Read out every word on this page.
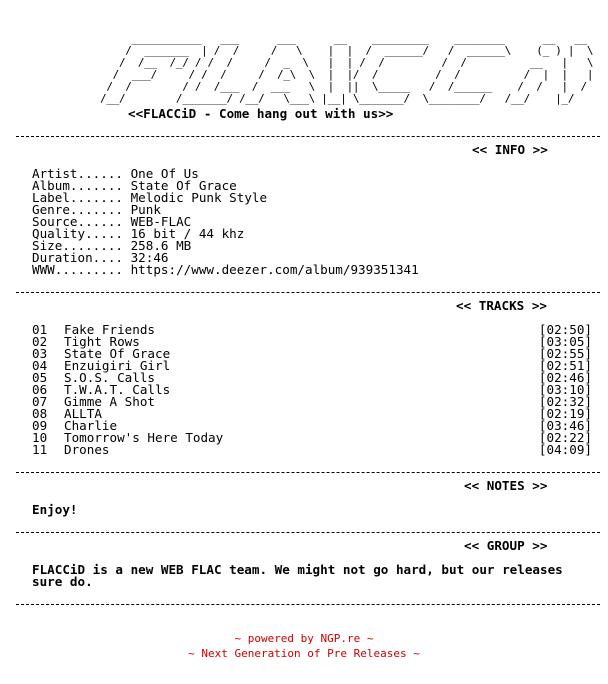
___________   ___      ___      __    _________    ________      __   __
/  _______  | /  /     /   \    |  |  /  ______/   /  ______\    (_ ) |  \
/  /__  /_/ / /  /     /  _  \   |  | /  /         /  /          __   |   \
/  ___/     / /  /     /  /_\  \  |  |/  /         /  /          /  |  |   |
/  /        / /  /___  /  ___   \  |  ||  \_____   /  /______    /  /   |  /
/__/        /_______/ /__/   \___\ |__| \_______/  \________/   /__/    |_/
<<FLACCiD - Come hang out with us>>
<< INFO >>
Artist...... One Of Us
Album....... State Of Grace
Label....... Melodic Punk Style
Genre....... Punk
Source...... WEB-FLAC
Quality..... 16 bit / 44 khz
Size........ 258.6 MB
Duration.... 32:46
WWW......... https://www.deezer.com/album/939351341
<< TRACKS >>
01	Fake Friends	[02:50]
02	Tight Rows	[03:05]
03	State Of Grace	[02:55]
04	Enzuigiri Girl	[02:51]
05	S.O.S. Calls	[02:46]
06	T.W.A.T. Calls	[03:10]
07	Gimme A Shot	[02:32]
08	ALLTA	[02:19]
09	Charlie	[03:46]
10	Tomorrow's Here Today	[02:22]
11	Drones	[04:09]
<< NOTES >>
Enjoy!
<< GROUP >>
FLACCiD is a new WEB FLAC team. We might not go hard, but our releases
sure do.
~ powered by NGP.re ~
~ Next Generation of Pre Releases ~
